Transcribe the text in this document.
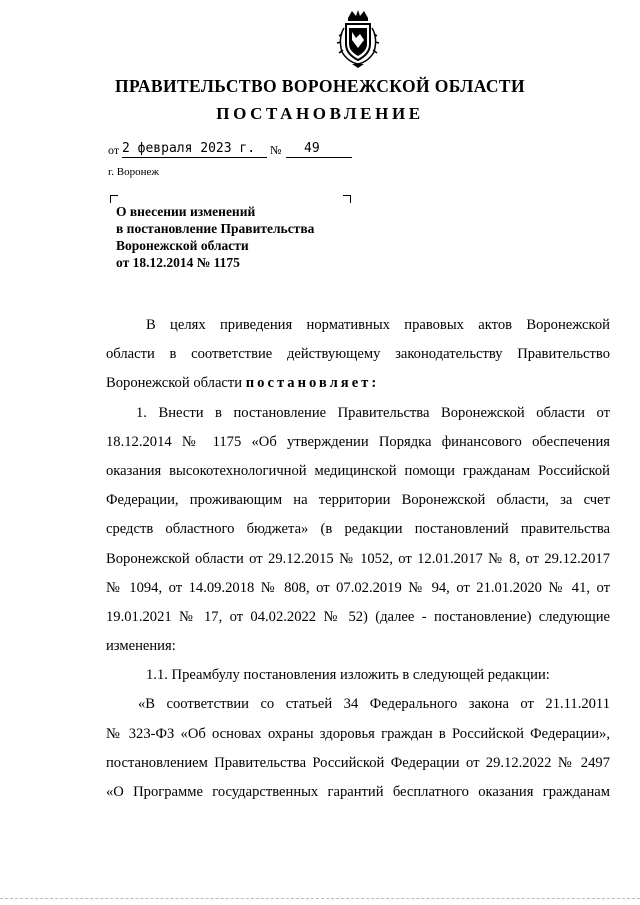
ПРАВИТЕЛЬСТВО ВОРОНЕЖСКОЙ ОБЛАСТИ
ПОСТАНОВЛЕНИЕ
от 2 февраля 2023 г. № 49
г. Воронеж
О внесении изменений
в постановление Правительства
Воронежской области
от 18.12.2014 № 1175
В целях приведения нормативных правовых актов Воронежской
области в соответствие действующему законодательству Правительство
Воронежской области постановляет:
1. Внести в постановление Правительства Воронежской области от
18.12.2014 № 1175 «Об утверждении Порядка финансового обеспечения
оказания высокотехнологичной медицинской помощи гражданам Российской
Федерации, проживающим на территории Воронежской области, за счет
средств областного бюджета» (в редакции постановлений правительства
Воронежской области от 29.12.2015 № 1052, от 12.01.2017 № 8, от 29.12.2017
№ 1094, от 14.09.2018 № 808, от 07.02.2019 № 94, от 21.01.2020 № 41, от
19.01.2021 № 17, от 04.02.2022 № 52) (далее - постановление) следующие
изменения:
1.1. Преамбулу постановления изложить в следующей редакции:
«В соответствии со статьей 34 Федерального закона от 21.11.2011
№ 323-ФЗ «Об основах охраны здоровья граждан в Российской Федерации»,
постановлением Правительства Российской Федерации от 29.12.2022 № 2497
«О Программе государственных гарантий бесплатного оказания гражданам
